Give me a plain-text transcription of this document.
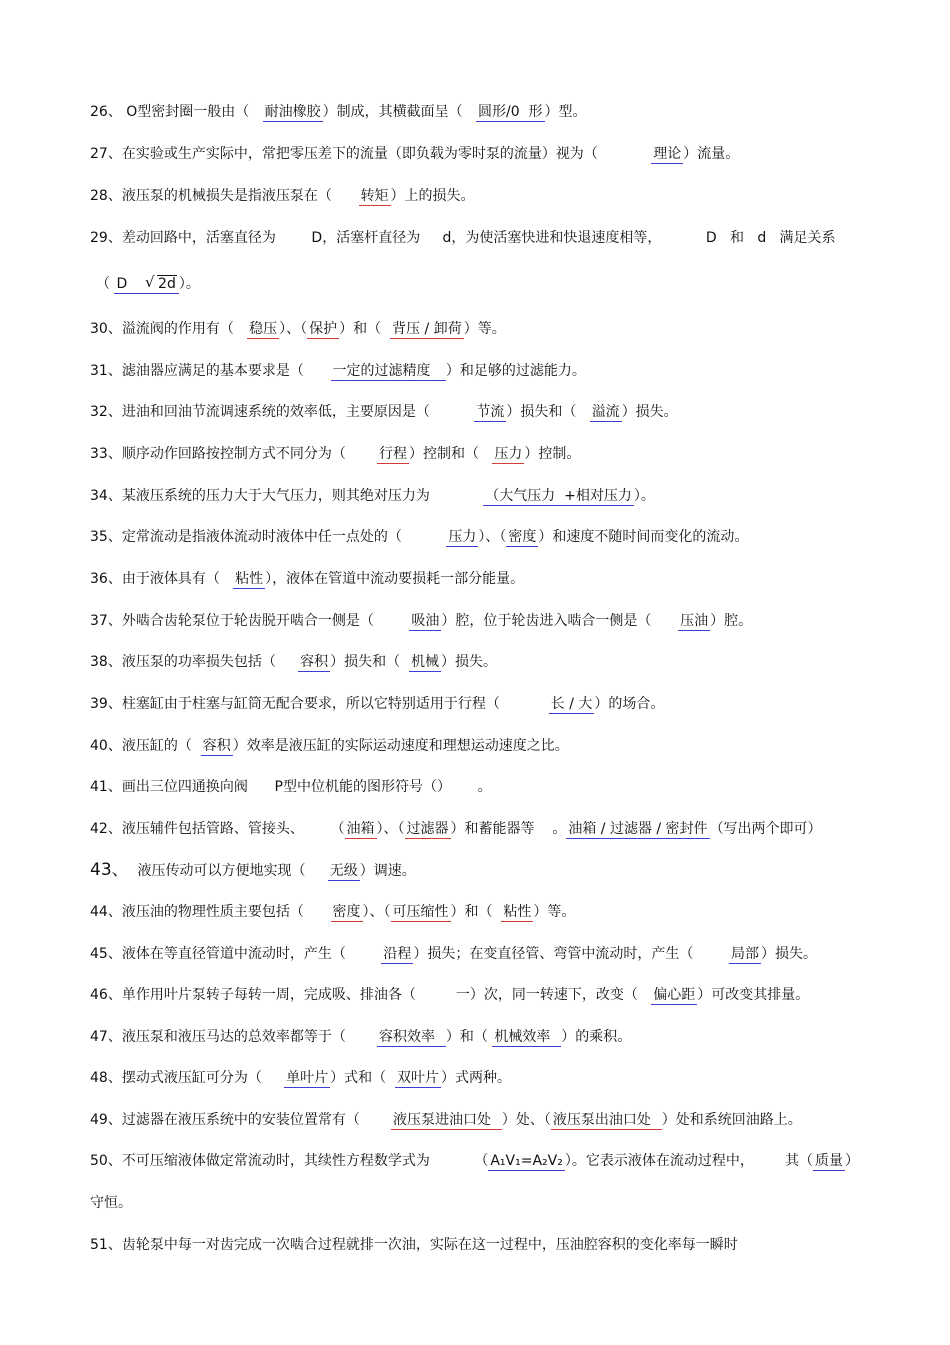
26、 O型密封圈一般由（   耐油橡胶 ）制成，其横截面呈（   圆形/0  形 ）型。
27、在实验或生产实际中，常把零压差下的流量（即负载为零时泵的流量）视为（            理论 ）流量。
28、液压泵的机械损失是指液压泵在（      转矩 ）上的损失。
29、差动回路中，活塞直径为        D，活塞杆直径为     d，为使活塞快进和快退速度相等，          D   和   d   满足关系
（ D √ 2d ）。
30、溢流阀的作用有（   稳压 ）、（ 保护 ）和（  背压 / 卸荷 ）等。
31、滤油器应满足的基本要求是（      一定的过滤精度   ）和足够的过滤能力。
32、进油和回油节流调速系统的效率低，主要原因是（          节流 ）损失和（   溢流 ）损失。
33、顺序动作回路按控制方式不同分为（       行程 ）控制和（   压力 ）控制。
34、某液压系统的压力大于大气压力，则其绝对压力为            （大气压力  +相对压力 ）。
35、定常流动是指液体流动时液体中任一点处的（          压力 ）、（ 密度 ）和速度不随时间而变化的流动。
36、由于液体具有（   粘性 ），液体在管道中流动要损耗一部分能量。
37、外啮合齿轮泵位于轮齿脱开啮合一侧是（        吸油 ）腔，位于轮齿进入啮合一侧是（      压油 ）腔。
38、液压泵的功率损失包括（     容积 ）损失和（  机械 ）损失。
39、柱塞缸由于柱塞与缸筒无配合要求，所以它特别适用于行程（           长 / 大 ）的场合。
40、液压缸的（  容积 ）效率是液压缸的实际运动速度和理想运动速度之比。
41、画出三位四通换向阀      P型中位机能的图形符号（）      。
42、液压辅件包括管路、管接头、      （ 油箱 ）、（ 过滤器 ）和蓄能器等    。 油箱 / 过滤器 / 密封件 （写出两个即可）
43、  液压传动可以方便地实现（     无级 ）调速。
44、液压油的物理性质主要包括（      密度 ）、（ 可压缩性 ）和（  粘性 ）等。
45、液体在等直径管道中流动时，产生（        沿程 ）损失；在变直径管、弯管中流动时，产生（        局部 ）损失。
46、单作用叶片泵转子每转一周，完成吸、排油各（         一）次，同一转速下，改变（   偏心距 ）可改变其排量。
47、液压泵和液压马达的总效率都等于（       容积效率  ）和（ 机械效率  ）的乘积。
48、摆动式液压缸可分为（     单叶片 ）式和（  双叶片 ）式两种。
49、过滤器在液压系统中的安装位置常有（       液压泵进油口处  ）处、（ 液压泵出油口处  ）处和系统回油路上。
50、不可压缩液体做定常流动时，其续性方程数学式为          （ A₁V₁=A₂V₂ ）。它表示液体在流动过程中，       其（ 质量 ）
守恒。
51、齿轮泵中每一对齿完成一次啮合过程就排一次油，实际在这一过程中，压油腔容积的变化率每一瞬时
